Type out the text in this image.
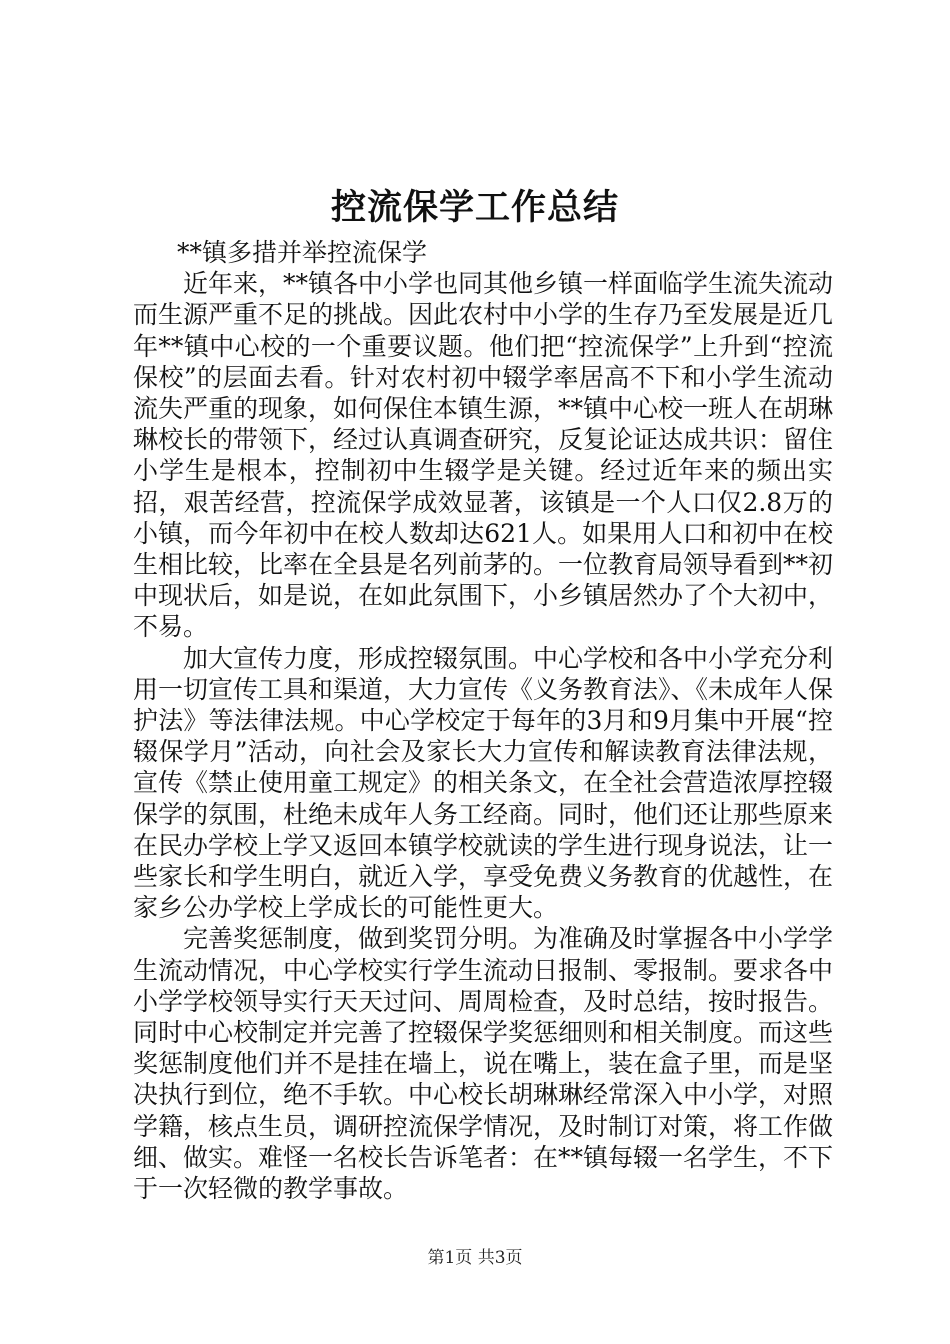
控流保学工作总结

**镇多措并举控流保学

近年来，**镇各中小学也同其他乡镇一样面临学生流失流动而生源严重不足的挑战。因此农村中小学的生存乃至发展是近几年**镇中心校的一个重要议题。他们把“控流保学”上升到“控流保校”的层面去看。针对农村初中辍学率居高不下和小学生流动流失严重的现象，如何保住本镇生源，**镇中心校一班人在胡琳琳校长的带领下，经过认真调查研究，反复论证达成共识：留住小学生是根本，控制初中生辍学是关键。经过近年来的频出实招，艰苦经营，控流保学成效显著，该镇是一个人口仅2.8万的小镇，而今年初中在校人数却达621人。如果用人口和初中在校生相比较，比率在全县是名列前茅的。一位教育局领导看到**初中现状后，如是说，在如此氛围下，小乡镇居然办了个大初中，不易。

加大宣传力度，形成控辍氛围。中心学校和各中小学充分利用一切宣传工具和渠道，大力宣传《义务教育法》、《未成年人保护法》等法律法规。中心学校定于每年的3月和9月集中开展“控辍保学月”活动，向社会及家长大力宣传和解读教育法律法规，宣传《禁止使用童工规定》的相关条文，在全社会营造浓厚控辍保学的氛围，杜绝未成年人务工经商。同时，他们还让那些原来在民办学校上学又返回本镇学校就读的学生进行现身说法，让一些家长和学生明白，就近入学，享受免费义务教育的优越性，在家乡公办学校上学成长的可能性更大。

完善奖惩制度，做到奖罚分明。为准确及时掌握各中小学学生流动情况，中心学校实行学生流动日报制、零报制。要求各中小学学校领导实行天天过问、周周检查，及时总结，按时报告。同时中心校制定并完善了控辍保学奖惩细则和相关制度。而这些奖惩制度他们并不是挂在墙上，说在嘴上，装在盒子里，而是坚决执行到位，绝不手软。中心校长胡琳琳经常深入中小学，对照学籍，核点生员，调研控流保学情况，及时制订对策，将工作做细、做实。难怪一名校长告诉笔者：在**镇每辍一名学生，不下于一次轻微的教学事故。

第1页 共3页
